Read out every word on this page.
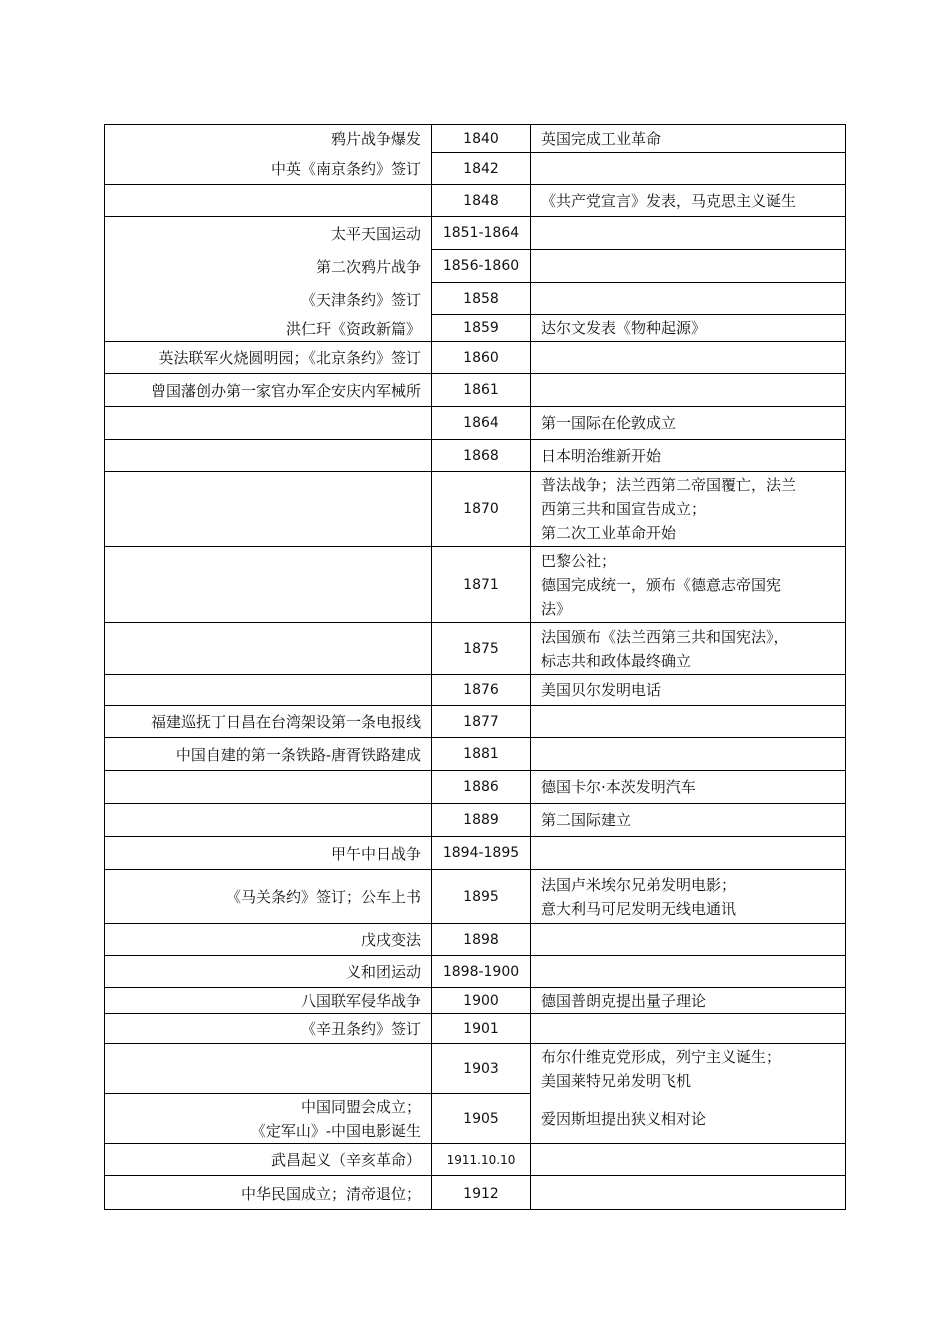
鸦片战争爆发
中英《南京条约》签订
太平天国运动
第二次鸦片战争
《天津条约》签订
洪仁玕《资政新篇》
英法联军火烧圆明园；《北京条约》签订
曾国藩创办第一家官办军企安庆内军械所
福建巡抚丁日昌在台湾架设第一条电报线
中国自建的第一条铁路-唐胥铁路建成
甲午中日战争
《马关条约》签订；公车上书
戊戌变法
义和团运动
八国联军侵华战争
《辛丑条约》签订
中国同盟会成立；
《定军山》-中国电影诞生
武昌起义（辛亥革命）
中华民国成立；清帝退位；
1840
1842
1848
1851-1864
1856-1860
1858
1859
1860
1861
1864
1868
1870
1871
1875
1876
1877
1881
1886
1889
1894-1895
1895
1898
1898-1900
1900
1901
1903
1905
1911.10.10
1912
英国完成工业革命
《共产党宣言》发表，马克思主义诞生
达尔文发表《物种起源》
第一国际在伦敦成立
日本明治维新开始
普法战争；法兰西第二帝国覆亡，法兰
西第三共和国宣告成立；
第二次工业革命开始
巴黎公社；
德国完成统一，颁布《德意志帝国宪
法》
法国颁布《法兰西第三共和国宪法》，
标志共和政体最终确立
美国贝尔发明电话
德国卡尔·本茨发明汽车
第二国际建立
法国卢米埃尔兄弟发明电影；
意大利马可尼发明无线电通讯
德国普朗克提出量子理论
布尔什维克党形成，列宁主义诞生；
美国莱特兄弟发明飞机
爱因斯坦提出狭义相对论
